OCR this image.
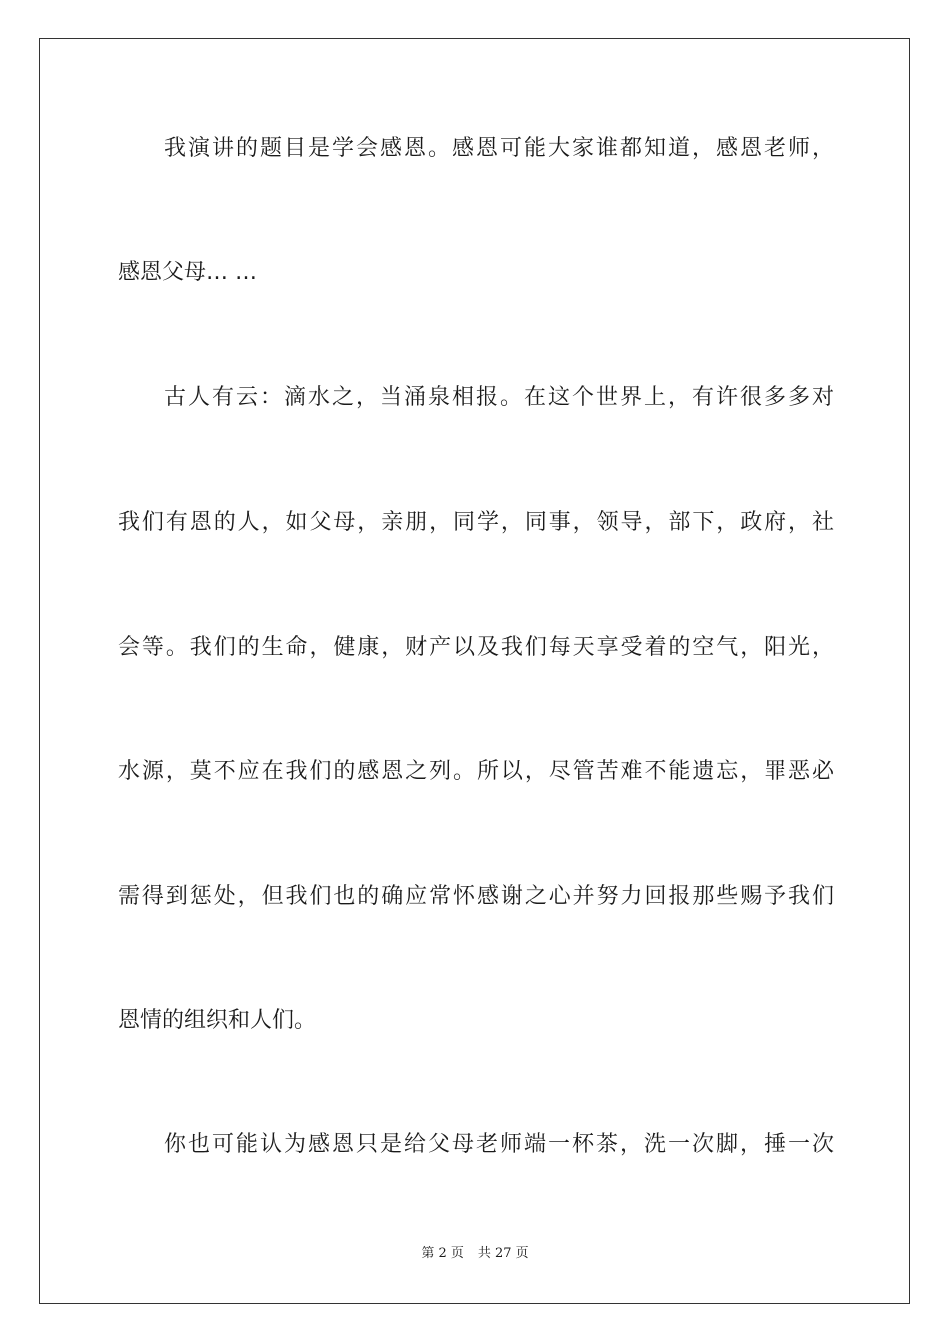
我演讲的题目是学会感恩。感恩可能大家谁都知道，感恩老师，
感恩父母… …
古人有云：滴水之，当涌泉相报。在这个世界上，有许很多多对
我们有恩的人，如父母，亲朋，同学，同事，领导，部下，政府，社
会等。我们的生命，健康，财产以及我们每天享受着的空气，阳光，
水源，莫不应在我们的感恩之列。所以，尽管苦难不能遗忘，罪恶必
需得到惩处，但我们也的确应常怀感谢之心并努力回报那些赐予我们
恩情的组织和人们。
你也可能认为感恩只是给父母老师端一杯茶，洗一次脚，捶一次
第 2 页 共 27 页
